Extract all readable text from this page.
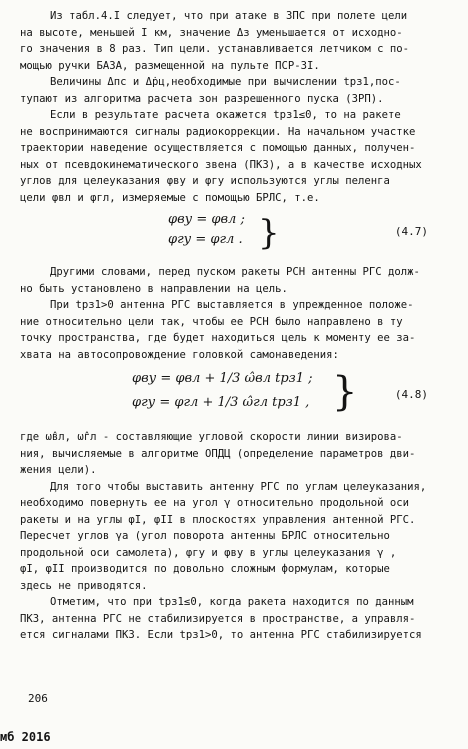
Из табл.4.I следует, что при атаке в ЗПС при полете цели
на высоте, меньшей I км, значение Δз уменьшается от исходно-
го значения в 8 раз. Тип цели. устанавливается летчиком с по-
мощью ручки БАЗА, размещенной на пульте ПСР-3I.

Величины Δпс и Δ̇рц,необходимые при вычислении tрз1,пос-
тупают из алгоритма расчета зон разрешенного пуска (ЗРП).

Если в результате расчета окажется tрз1≤0, то на ракете
не воспринимаются сигналы радиокоррекции. На начальном участке
траектории наведение осуществляется с помощью данных, получен-
ных от псевдокинематического звена (ПКЗ), а в качестве исходных
углов для целеуказания φву и φгу используются углы пеленга
цели φвл и φгл, измеряемые с помощью БРЛС, т.е.

φву = φвл ;
φгу = φгл . }	(4.7)

Другими словами, перед пуском ракеты РСН антенны РГС долж-
но быть установлено в направлении на цель.

При tрз1>0 антенна РГС выставляется в упрежденное положе-
ние относительно цели так, чтобы ее РСН было направлено в ту
точку пространства, где будет находиться цель к моменту ее за-
хвата на автосопровождение головкой самонаведения:

φву = φвл + 1/3 ω̂вл tрз1 ;
φгу = φгл + 1/3 ω̂гл tрз1 , }	(4.8)

где ω̂вл, ω̂гл - составляющие угловой скорости линии визирова-
ния, вычисляемые в алгоритме ОПДЦ (определение параметров дви-
жения цели).

Для того чтобы выставить антенну РГС по углам целеуказания,
необходимо повернуть ее на угол γ относительно продольной оси
ракеты и на углы φI, φII в плоскостях управления антенной РГС.
Пересчет углов γа (угол поворота антенны БРЛС относительно
продольной оси самолета), φгу и φву в углы целеуказания γ ,
φI, φII производится по довольно сложным формулам, которые
здесь не приводятся.

Отметим, что при tрз1≤0, когда ракета находится по данным
ПКЗ, антенна РГС не стабилизируется в пространстве, а управля-
ется сигналами ПКЗ. Если tрз1>0, то антенна РГС стабилизируется

206
мб 2016
